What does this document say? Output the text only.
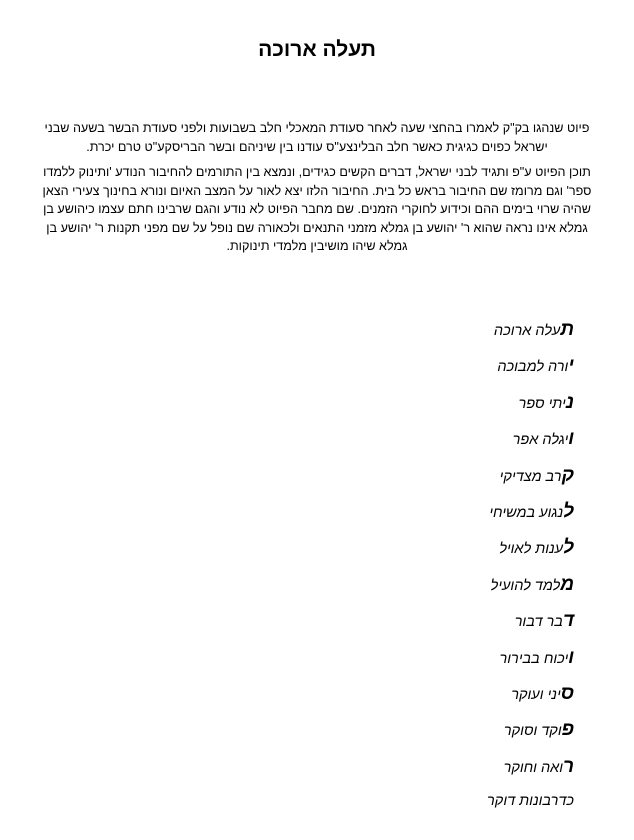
תעלה ארוכה

פיוט שנהגו בק"ק לאמרו בהחצי שעה לאחר סעודת המאכלי חלב בשבועות ולפני סעודת הבשר בשעה שבני ישראל כפוים כגיגית כאשר חלב הבלינצע"ס עודנו בין שיניהם ובשר הבריסקע"ט טרם יכרת.

תוכן הפיוט ע"פ ותגיד לבני ישראל, דברים הקשים כגידים, ונמצא בין התורמים להחיבור הנודע 'ותינוק ללמדו ספר' וגם מרומז שם החיבור בראש כל בית. החיבור הלזו יצא לאור על המצב האיום ונורא בחינוך צעירי הצאן שהיה שרוי בימים ההם וכידוע לחוקרי הזמנים. שם מחבר הפיוט לא נודע והגם שרבינו חתם עצמו כיהושע בן גמלא אינו נראה שהוא ר' יהושע בן גמלא מזמני התנאים ולכאורה שם נופל על שם מפני תקנות ר' יהושע בן גמלא שיהו מושיבין מלמדי תינוקות.

תעלה ארוכה
יורה למבוכה
ניתי ספר
ויגלה אפר
קרב מצדיקי
לנגוע במשיחי
לענות לאויל
מלמד להועיל
דבר דבור
ויכוח בבירור
סיני ועוקר
פוקד וסוקר
רואה וחוקר
כדרבונות דוקר
